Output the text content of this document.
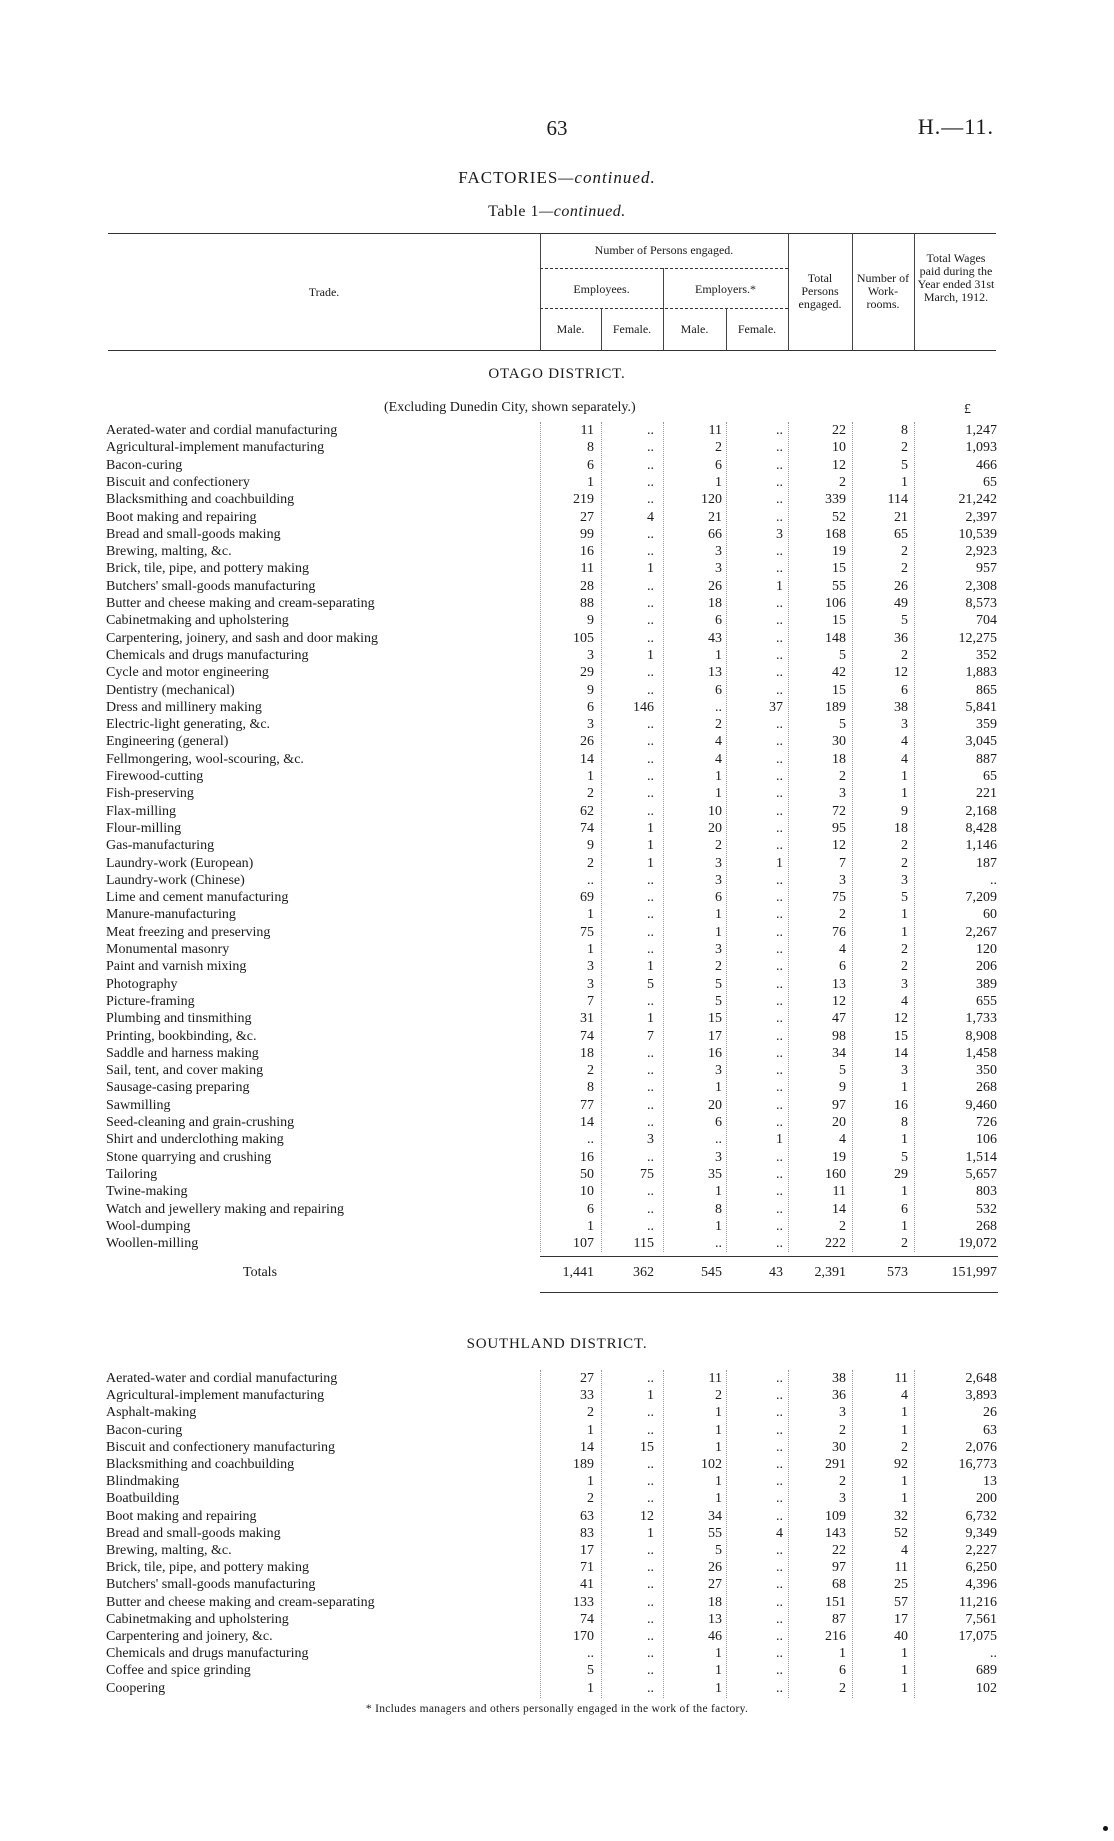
63	H.—11.
FACTORIES—continued.
Table 1—continued.
Trade.
Number of Persons engaged.
Employees.	Employers.*
Male.	Female.	Male.	Female.
Total Persons engaged.
Number of Work-rooms.
Total Wages paid during the Year ended 31st March, 1912.
OTAGO DISTRICT.
(Excluding Dunedin City, shown separately.)	£
Aerated-water and cordial manufacturing	11	..	11	..	22	8	1,247
Agricultural-implement manufacturing	8	..	2	..	10	2	1,093
Bacon-curing	6	..	6	..	12	5	466
Biscuit and confectionery	1	..	1	..	2	1	65
Blacksmithing and coachbuilding	219	..	120	..	339	114	21,242
Boot making and repairing	27	4	21	..	52	21	2,397
Bread and small-goods making	99	..	66	3	168	65	10,539
Brewing, malting, &c.	16	..	3	..	19	2	2,923
Brick, tile, pipe, and pottery making	11	1	3	..	15	2	957
Butchers' small-goods manufacturing	28	..	26	1	55	26	2,308
Butter and cheese making and cream-separating	88	..	18	..	106	49	8,573
Cabinetmaking and upholstering	9	..	6	..	15	5	704
Carpentering, joinery, and sash and door making	105	..	43	..	148	36	12,275
Chemicals and drugs manufacturing	3	1	1	..	5	2	352
Cycle and motor engineering	29	..	13	..	42	12	1,883
Dentistry (mechanical)	9	..	6	..	15	6	865
Dress and millinery making	6	146	..	37	189	38	5,841
Electric-light generating, &c.	3	..	2	..	5	3	359
Engineering (general)	26	..	4	..	30	4	3,045
Fellmongering, wool-scouring, &c.	14	..	4	..	18	4	887
Firewood-cutting	1	..	1	..	2	1	65
Fish-preserving	2	..	1	..	3	1	221
Flax-milling	62	..	10	..	72	9	2,168
Flour-milling	74	1	20	..	95	18	8,428
Gas-manufacturing	9	1	2	..	12	2	1,146
Laundry-work (European)	2	1	3	1	7	2	187
Laundry-work (Chinese)	..	..	3	..	3	3	..
Lime and cement manufacturing	69	..	6	..	75	5	7,209
Manure-manufacturing	1	..	1	..	2	1	60
Meat freezing and preserving	75	..	1	..	76	1	2,267
Monumental masonry	1	..	3	..	4	2	120
Paint and varnish mixing	3	1	2	..	6	2	206
Photography	3	5	5	..	13	3	389
Picture-framing	7	..	5	..	12	4	655
Plumbing and tinsmithing	31	1	15	..	47	12	1,733
Printing, bookbinding, &c.	74	7	17	..	98	15	8,908
Saddle and harness making	18	..	16	..	34	14	1,458
Sail, tent, and cover making	2	..	3	..	5	3	350
Sausage-casing preparing	8	..	1	..	9	1	268
Sawmilling	77	..	20	..	97	16	9,460
Seed-cleaning and grain-crushing	14	..	6	..	20	8	726
Shirt and underclothing making	..	3	..	1	4	1	106
Stone quarrying and crushing	16	..	3	..	19	5	1,514
Tailoring	50	75	35	..	160	29	5,657
Twine-making	10	..	1	..	11	1	803
Watch and jewellery making and repairing	6	..	8	..	14	6	532
Wool-dumping	1	..	1	..	2	1	268
Woollen-milling	107	115	..	..	222	2	19,072
Totals	1,441	362	545	43 2,391	573	151,997
SOUTHLAND DISTRICT.
Aerated-water and cordial manufacturing	27	..	11	..	38	11	2,648
Agricultural-implement manufacturing	33	1	2	..	36	4	3,893
Asphalt-making	2	..	1	..	3	1	26
Bacon-curing	1	..	1	..	2	1	63
Biscuit and confectionery manufacturing	14	15	1	..	30	2	2,076
Blacksmithing and coachbuilding	189	..	102	..	291	92	16,773
Blindmaking	1	..	1	..	2	1	13
Boatbuilding	2	..	1	..	3	1	200
Boot making and repairing	63	12	34	..	109	32	6,732
Bread and small-goods making	83	1	55	4	143	52	9,349
Brewing, malting, &c.	17	..	5	..	22	4	2,227
Brick, tile, pipe, and pottery making	71	..	26	..	97	11	6,250
Butchers' small-goods manufacturing	41	..	27	..	68	25	4,396
Butter and cheese making and cream-separating	133	..	18	..	151	57	11,216
Cabinetmaking and upholstering	74	..	13	..	87	17	7,561
Carpentering and joinery, &c.	170	..	46	..	216	40	17,075
Chemicals and drugs manufacturing	..	..	1	..	1	1	..
Coffee and spice grinding	5	..	1	..	6	1	689
Coopering	1	..	1	..	2	1	102
* Includes managers and others personally engaged in the work of the factory.
